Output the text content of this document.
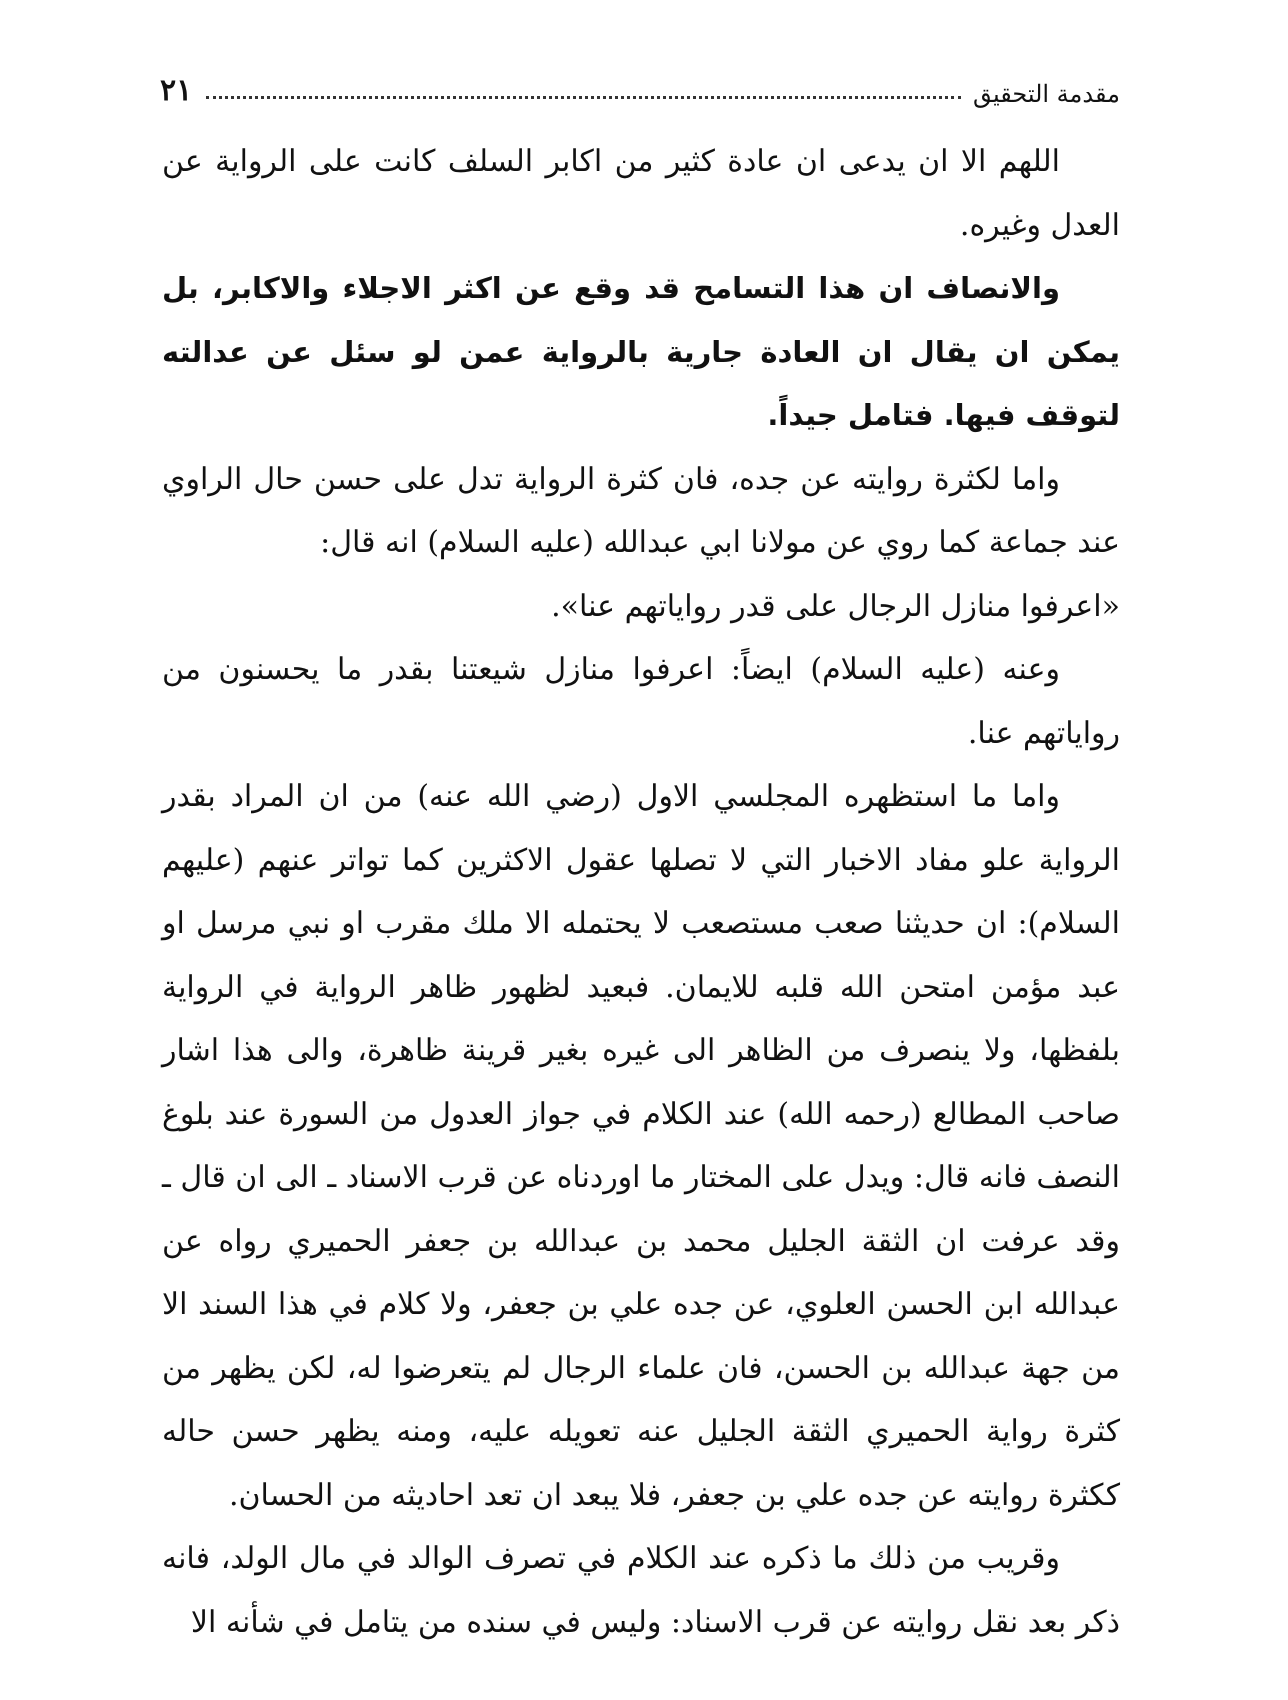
مقدمة التحقيق
٢١

اللهم الا ان يدعى ان عادة كثير من اكابر السلف كانت على الرواية عن العدل وغيره.

والانصاف ان هذا التسامح قد وقع عن اكثر الاجلاء والاكابر، بل يمكن ان يقال ان العادة جارية بالرواية عمن لو سئل عن عدالته لتوقف فيها. فتامل جيداً.

واما لكثرة روايته عن جده، فان كثرة الرواية تدل على حسن حال الراوي عند جماعة كما روي عن مولانا ابي عبدالله (عليه السلام) انه قال:

«اعرفوا منازل الرجال على قدر رواياتهم عنا».

وعنه (عليه السلام) ايضاً: اعرفوا منازل شيعتنا بقدر ما يحسنون من رواياتهم عنا.

واما ما استظهره المجلسي الاول (رضي الله عنه) من ان المراد بقدر الرواية علو مفاد الاخبار التي لا تصلها عقول الاكثرين كما تواتر عنهم (عليهم السلام): ان حديثنا صعب مستصعب لا يحتمله الا ملك مقرب او نبي مرسل او عبد مؤمن امتحن الله قلبه للايمان. فبعيد لظهور ظاهر الرواية في الرواية بلفظها، ولا ينصرف من الظاهر الى غيره بغير قرينة ظاهرة، والى هذا اشار صاحب المطالع (رحمه الله) عند الكلام في جواز العدول من السورة عند بلوغ النصف فانه قال: ويدل على المختار ما اوردناه عن قرب الاسناد ـ الى ان قال ـ وقد عرفت ان الثقة الجليل محمد بن عبدالله بن جعفر الحميري رواه عن عبدالله ابن الحسن العلوي، عن جده علي بن جعفر، ولا كلام في هذا السند الا من جهة عبدالله بن الحسن، فان علماء الرجال لم يتعرضوا له، لكن يظهر من كثرة رواية الحميري الثقة الجليل عنه تعويله عليه، ومنه يظهر حسن حاله ككثرة روايته عن جده علي بن جعفر، فلا يبعد ان تعد احاديثه من الحسان.

وقريب من ذلك ما ذكره عند الكلام في تصرف الوالد في مال الولد، فانه ذكر بعد نقل روايته عن قرب الاسناد: وليس في سنده من يتامل في شأنه الا
